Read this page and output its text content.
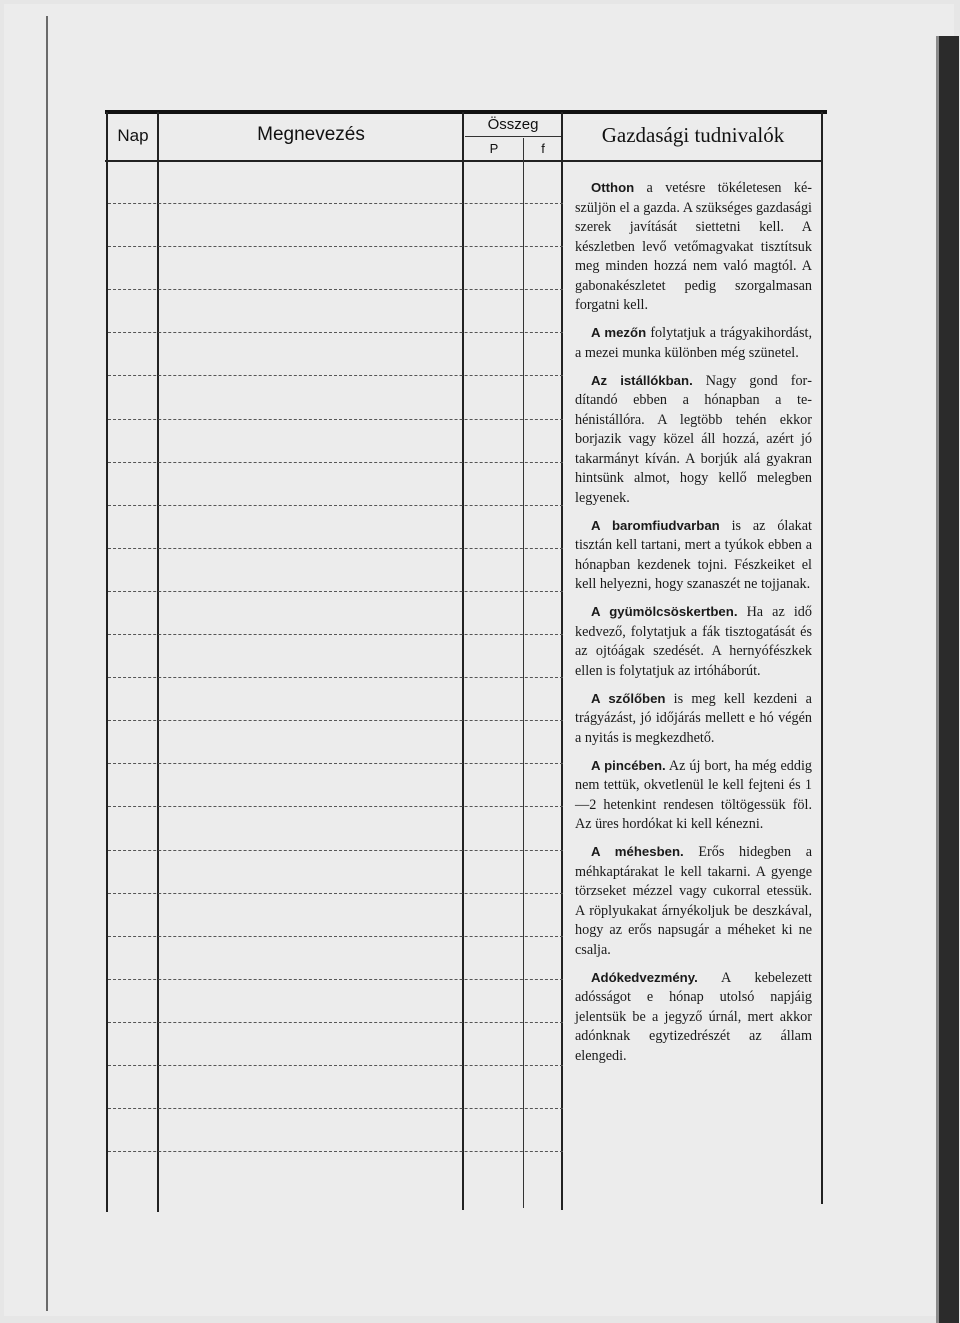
Nap	Megnevezés	Összeg
P	f
Gazdasági tudnivalók

Otthon a vetésre tökéletesen készüljön el a gazda. A szükséges gazdasági szerek javítását siettetni kell. A készletben levő vetőmagvakat tisztítsuk meg minden hozzá nem való magtól. A gabonakészletet pedig szorgalmasan forgatni kell.

A mezőn folytatjuk a trágyakihordást, a mezei munka különben még szünetel.

Az istállókban. Nagy gond fordítandó ebben a hónapban a tehénistállóra. A legtöbb tehén ekkor borjazik vagy közel áll hozzá, azért jó takarmányt kíván. A borjúk alá gyakran hintsünk almot, hogy kellő melegben legyenek.

A baromfiudvarban is az ólakat tisztán kell tartani, mert a tyúkok ebben a hónapban kezdenek tojni. Fészkeiket el kell helyezni, hogy szanaszét ne tojjanak.

A gyümölcsöskertben. Ha az idő kedvező, folytatjuk a fák tisztogatását és az ojtóágak szedését. A hernyófészkek ellen is folytatjuk az irtóháborút.

A szőlőben is meg kell kezdeni a trágyázást, jó időjárás mellett e hó végén a nyitás is megkezdhető.

A pincében. Az új bort, ha még eddig nem tettük, okvetlenül le kell fejteni és 1—2 hetenkint rendesen töltögessük föl. Az üres hordókat ki kell kénezni.

A méhesben. Erős hidegben a méhkaptárakat le kell takarni. A gyenge törzseket mézzel vagy cukorral etessük. A röplyukakat árnyékoljuk be deszkával, hogy az erős napsugár a méheket ki ne csalja.

Adókedvezmény. A kebelezett adósságot e hónap utolsó napjáig jelentsük be a jegyző úrnál, mert akkor adónknak egytizedrészét az állam elengedi.
